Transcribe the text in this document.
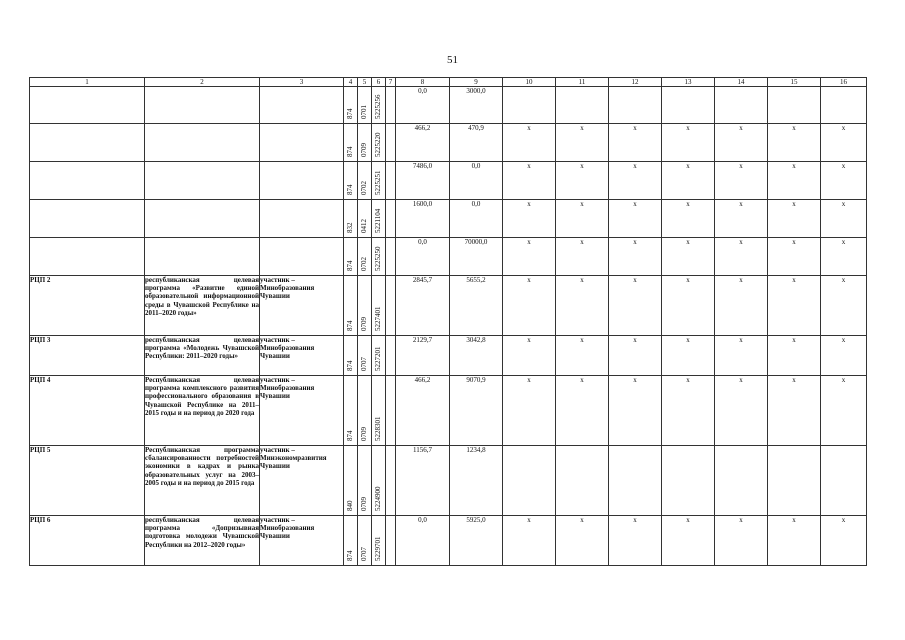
51
1	2	3	4	5	6	7	8	9	10	11	12	13	14	15	16

			874	0701	5225256		0,0	3000,0							

			874	0709	5225220		466,2	470,9	x	x	x	x	x	x	x

			874	0702	5225251		7486,0	0,0	x	x	x	x	x	x	x

			832	0412	5221104		1600,0	0,0	x	x	x	x	x	x	x

			874	0702	5225250		0,0	70000,0	x	x	x	x	x	x	x
РЦП 2	республиканская целевая программа «Развитие единой образовательной информационной среды в Чувашской Республике на 2011–2020 годы»	участник – Минобразования Чувашии	874	0709	5227401		2845,7	5655,2	x	x	x	x	x	x	x
РЦП 3	республиканская целевая программа «Молодежь Чувашской Республики: 2011–2020 годы»	участник – Минобразования Чувашии	874	0707	5227201		2129,7	3042,8	x	x	x	x	x	x	x
РЦП 4	Республиканская целевая программа комплексного развития профессионального образования в Чувашской Республике на 2011–2015 годы и на период до 2020 года	участник – Минобразования Чувашии	874	0709	5228301		466,2	9070,9	x	x	x	x	x	x	x
РЦП 5	Республиканская программа сбалансированности потребностей экономики в кадрах и рынка образовательных услуг на 2003–2005 годы и на период до 2015 года	участник – Минэкономразвития Чувашии	840	0709	5224900		1156,7	1234,8							
РЦП 6	республиканская целевая программа «Допризывная подготовка молодежи Чувашской Республики на 2012–2020 годы»	участник – Минобразования Чувашии	874	0707	5229701		0,0	5925,0	x	x	x	x	x	x	x
